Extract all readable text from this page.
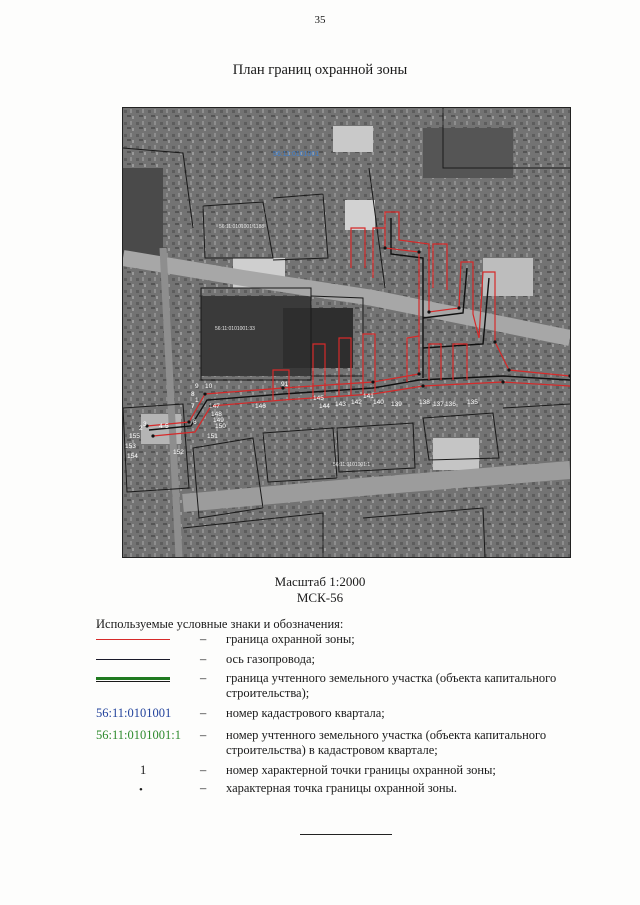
35
План границ охранной зоны
56:11:0101001
56:11:0101001:1188
56:11:0101001:33
56:11:0101001:1
1
2
3 4 5
6
7
8
9 10	91
146
145
144 143 142
141
140 139	138 137 136 135
147
148
149
150
151
152
153
154
155
Масштаб 1:2000
МСК-56
Используемые условные знаки и обозначения:
– граница охранной зоны;
– ось газопровода;
– граница учтенного земельного участка (объекта капитального строительства);
56:11:0101001	– номер кадастрового квартала;
56:11:0101001:1	– номер учтенного земельного участка (объекта капитального строительства) в кадастровом квартале;
1	– номер характерной точки границы охранной зоны;
•	– характерная точка границы охранной зоны.
